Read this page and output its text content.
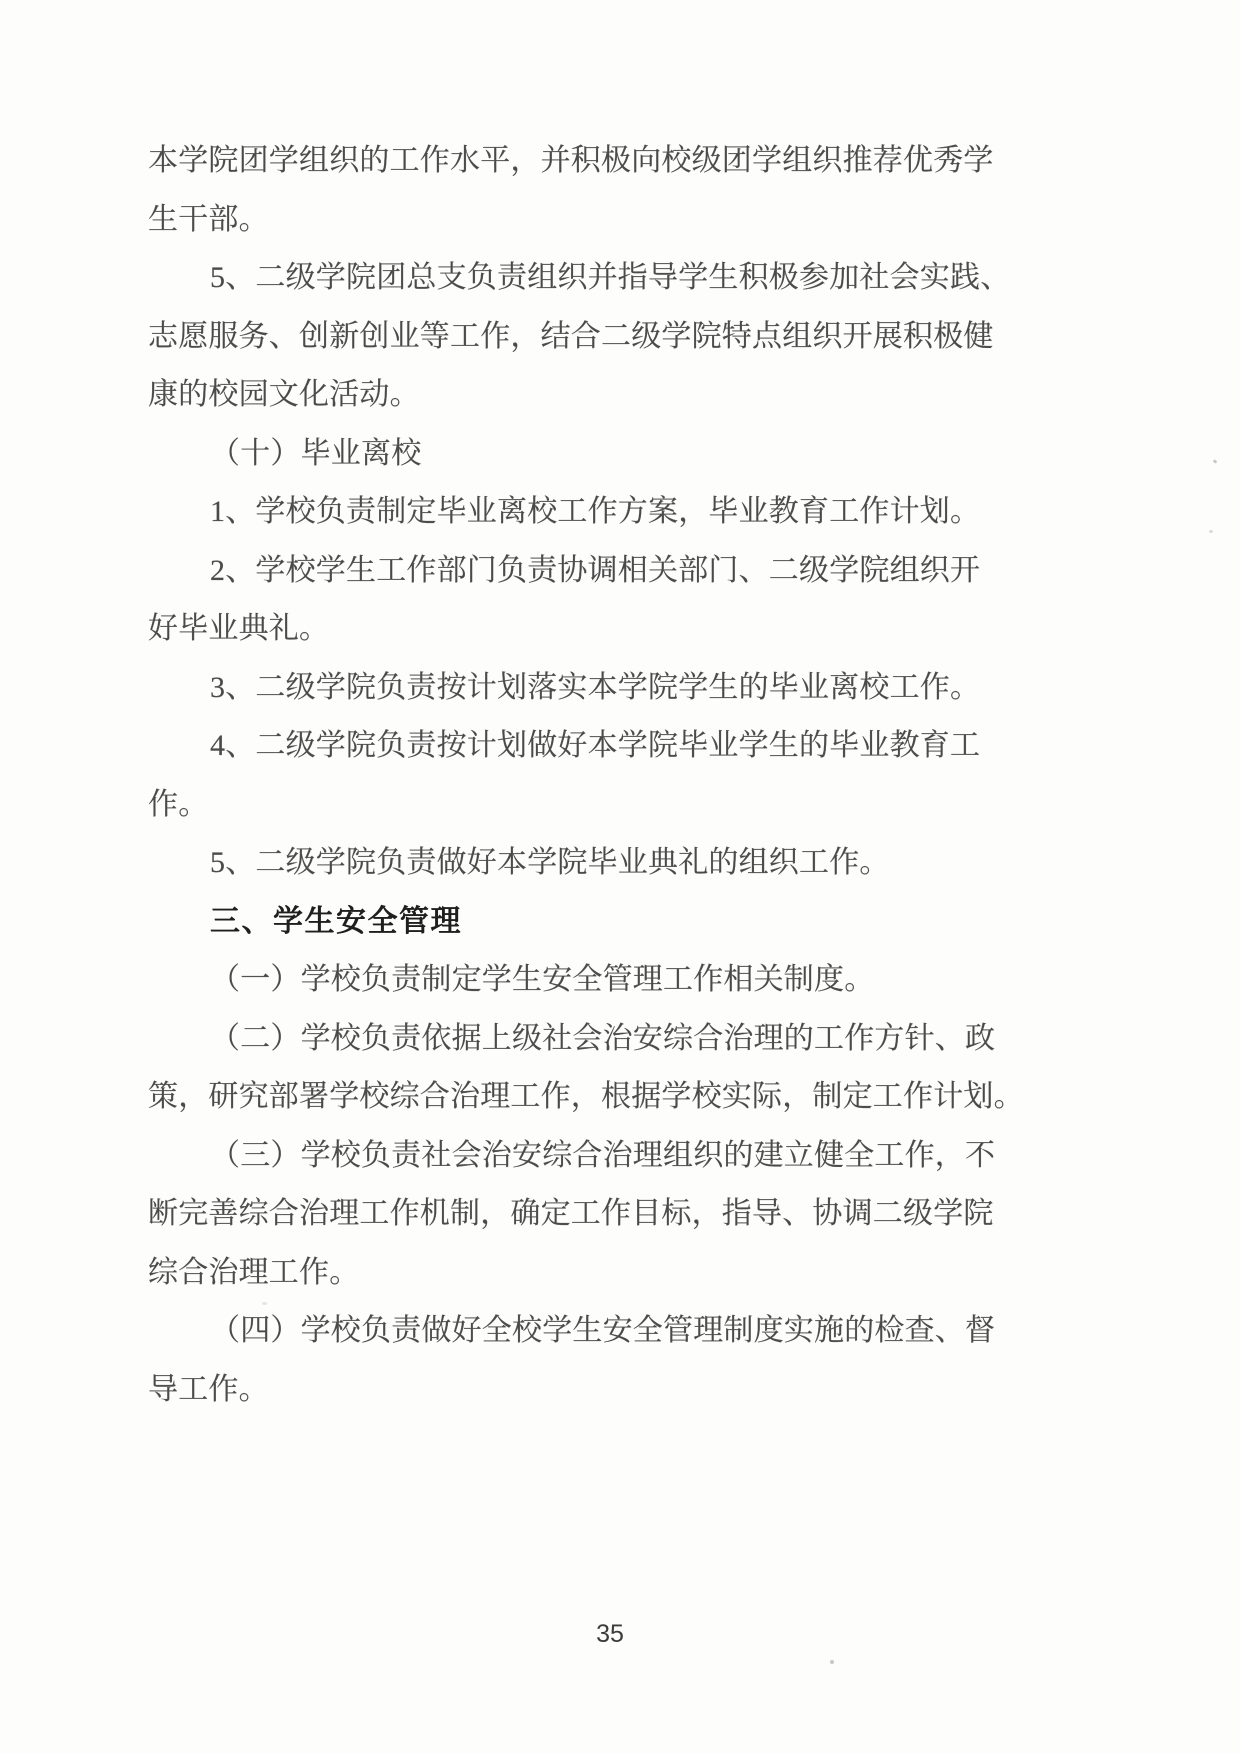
本学院团学组织的工作水平，并积极向校级团学组织推荐优秀学
生干部。
5、二级学院团总支负责组织并指导学生积极参加社会实践、
志愿服务、创新创业等工作，结合二级学院特点组织开展积极健
康的校园文化活动。
（十）毕业离校
1、学校负责制定毕业离校工作方案，毕业教育工作计划。
2、学校学生工作部门负责协调相关部门、二级学院组织开
好毕业典礼。
3、二级学院负责按计划落实本学院学生的毕业离校工作。
4、二级学院负责按计划做好本学院毕业学生的毕业教育工
作。
5、二级学院负责做好本学院毕业典礼的组织工作。
三、学生安全管理
（一）学校负责制定学生安全管理工作相关制度。
（二）学校负责依据上级社会治安综合治理的工作方针、政
策，研究部署学校综合治理工作，根据学校实际，制定工作计划。
（三）学校负责社会治安综合治理组织的建立健全工作，不
断完善综合治理工作机制，确定工作目标，指导、协调二级学院
综合治理工作。
（四）学校负责做好全校学生安全管理制度实施的检查、督
导工作。
35
